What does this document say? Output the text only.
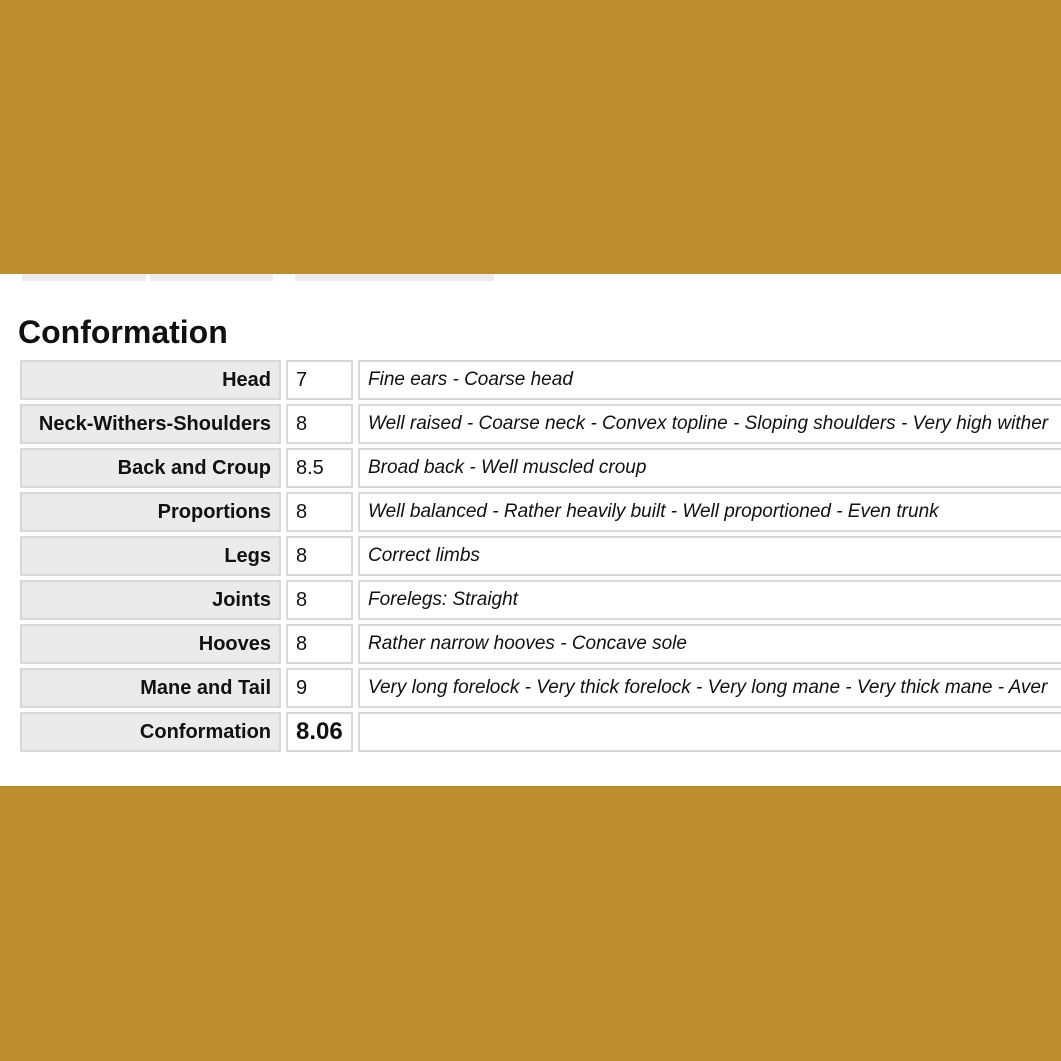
Conformation
Head	7	Fine ears - Coarse head
Neck-Withers-Shoulders	8	Well raised - Coarse neck - Convex topline - Sloping shoulders - Very high wither
Back and Croup	8.5	Broad back - Well muscled croup
Proportions	8	Well balanced - Rather heavily built - Well proportioned - Even trunk
Legs	8	Correct limbs
Joints	8	Forelegs: Straight
Hooves	8	Rather narrow hooves - Concave sole
Mane and Tail	9	Very long forelock - Very thick forelock - Very long mane - Very thick mane - Aver
Conformation	8.06
